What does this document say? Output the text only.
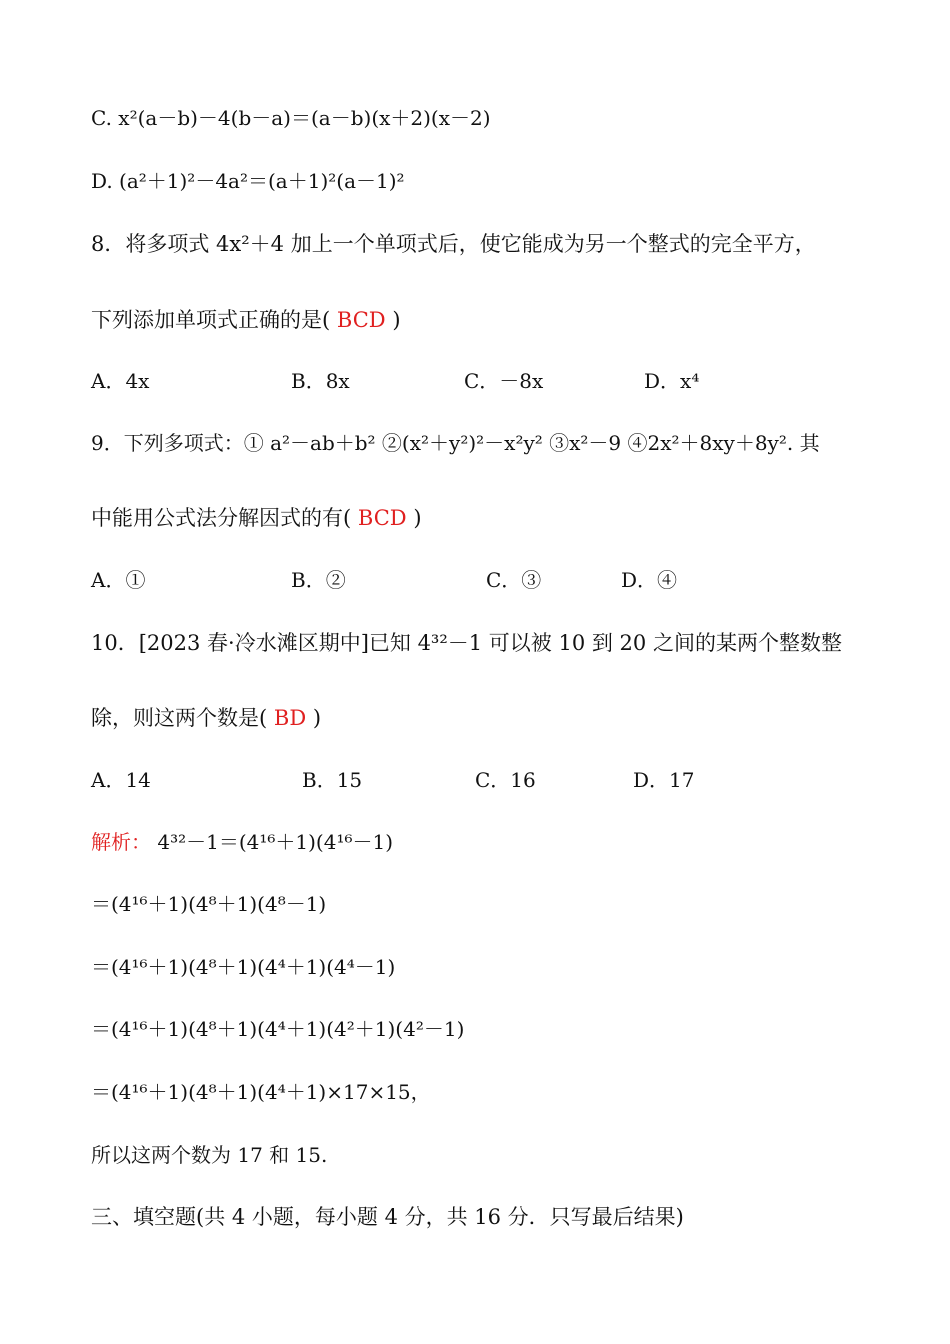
C. x²(a－b)－4(b－a)＝(a－b)(x＋2)(x－2)
D. (a²＋1)²－4a²＝(a＋1)²(a－1)²
8．将多项式 4x²＋4 加上一个单项式后，使它能成为另一个整式的完全平方，
下列添加单项式正确的是( BCD )
A．4x	B．8x	C．－8x	D．x⁴
9．下列多项式：① a²－ab＋b² ②(x²＋y²)²－x²y² ③x²－9 ④2x²＋8xy＋8y². 其
中能用公式法分解因式的有( BCD )
A．①	B．②	C．③	D．④
10．[2023 春·冷水滩区期中]已知 4³²－1 可以被 10 到 20 之间的某两个整数整
除，则这两个数是( BD )
A．14	B．15	C．16	D．17
解析： 4³²－1＝(4¹⁶＋1)(4¹⁶－1)
＝(4¹⁶＋1)(4⁸＋1)(4⁸－1)
＝(4¹⁶＋1)(4⁸＋1)(4⁴＋1)(4⁴－1)
＝(4¹⁶＋1)(4⁸＋1)(4⁴＋1)(4²＋1)(4²－1)
＝(4¹⁶＋1)(4⁸＋1)(4⁴＋1)×17×15，
所以这两个数为 17 和 15.
三、填空题(共 4 小题，每小题 4 分，共 16 分．只写最后结果)
